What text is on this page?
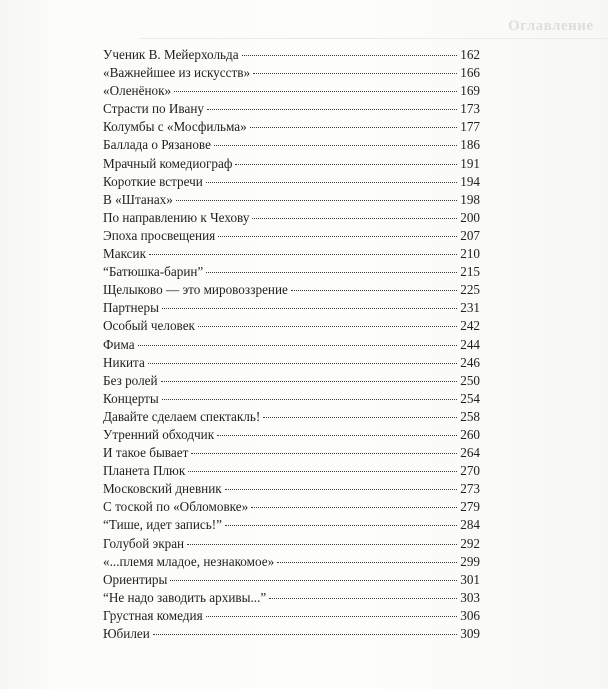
Оглавление
Ученик В. Мейерхольда	162
«Важнейшее из искусств»	166
«Оленёнок»	169
Страсти по Ивану	173
Колумбы с «Мосфильма»	177
Баллада о Рязанове	186
Мрачный комедиограф	191
Короткие встречи	194
В «Штанах»	198
По направлению к Чехову	200
Эпоха просвещения	207
Максик	210
“Батюшка-барин”	215
Щелыково — это мировоззрение	225
Партнеры	231
Особый человек	242
Фима	244
Никита	246
Без ролей	250
Концерты	254
Давайте сделаем спектакль!	258
Утренний обходчик	260
И такое бывает	264
Планета Плюк	270
Московский дневник	273
С тоской по «Обломовке»	279
“Тише, идет запись!”	284
Голубой экран	292
«...племя младое, незнакомое»	299
Ориентиры	301
“Не надо заводить архивы...”	303
Грустная комедия	306
Юбилеи	309
